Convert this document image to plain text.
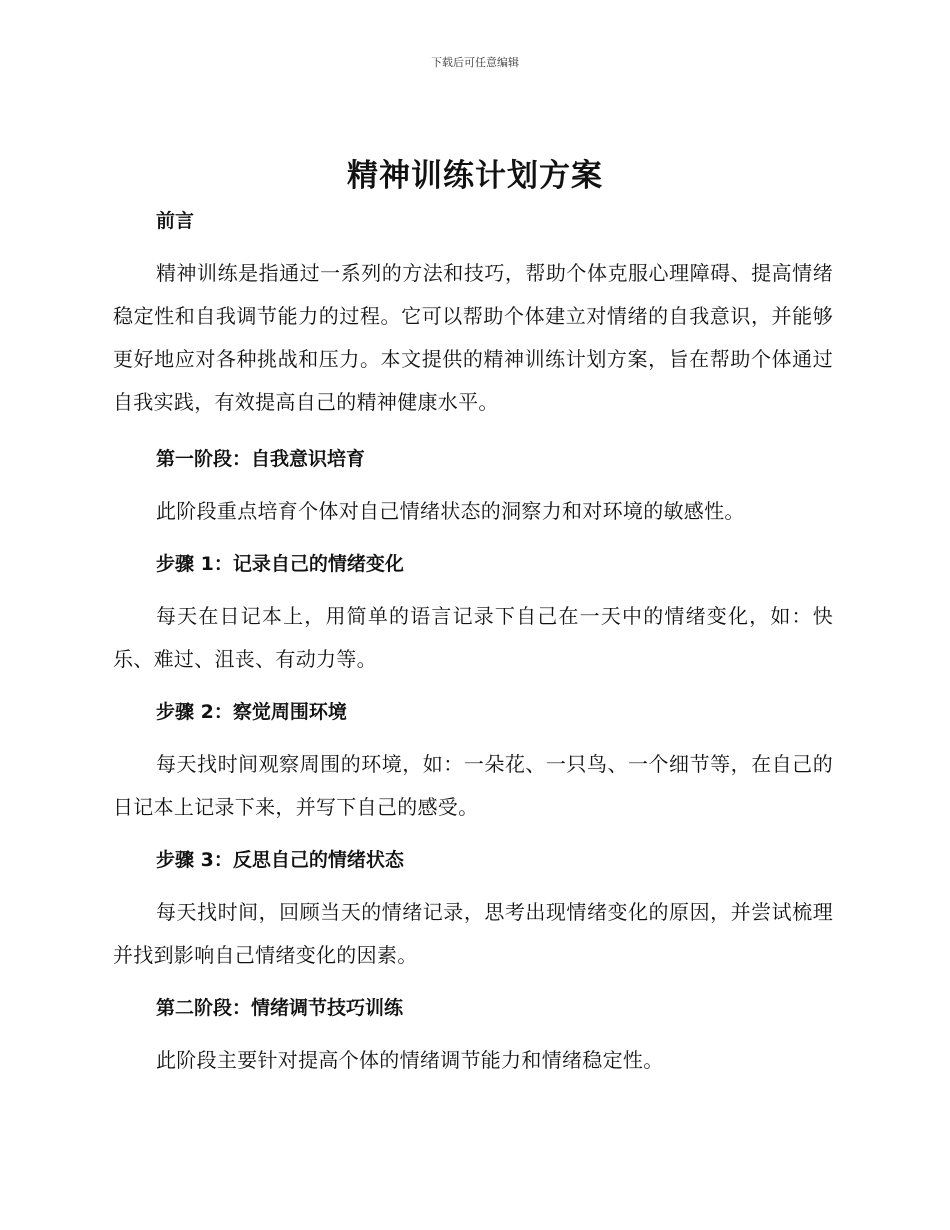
下载后可任意编辑
精神训练计划方案

前言

精神训练是指通过一系列的方法和技巧，帮助个体克服心理障碍、提高情绪稳定性和自我调节能力的过程。它可以帮助个体建立对情绪的自我意识，并能够更好地应对各种挑战和压力。本文提供的精神训练计划方案，旨在帮助个体通过自我实践，有效提高自己的精神健康水平。

第一阶段：自我意识培育

此阶段重点培育个体对自己情绪状态的洞察力和对环境的敏感性。

步骤 1：记录自己的情绪变化

每天在日记本上，用简单的语言记录下自己在一天中的情绪变化，如：快乐、难过、沮丧、有动力等。

步骤 2：察觉周围环境

每天找时间观察周围的环境，如：一朵花、一只鸟、一个细节等，在自己的日记本上记录下来，并写下自己的感受。

步骤 3：反思自己的情绪状态

每天找时间，回顾当天的情绪记录，思考出现情绪变化的原因，并尝试梳理并找到影响自己情绪变化的因素。

第二阶段：情绪调节技巧训练

此阶段主要针对提高个体的情绪调节能力和情绪稳定性。
